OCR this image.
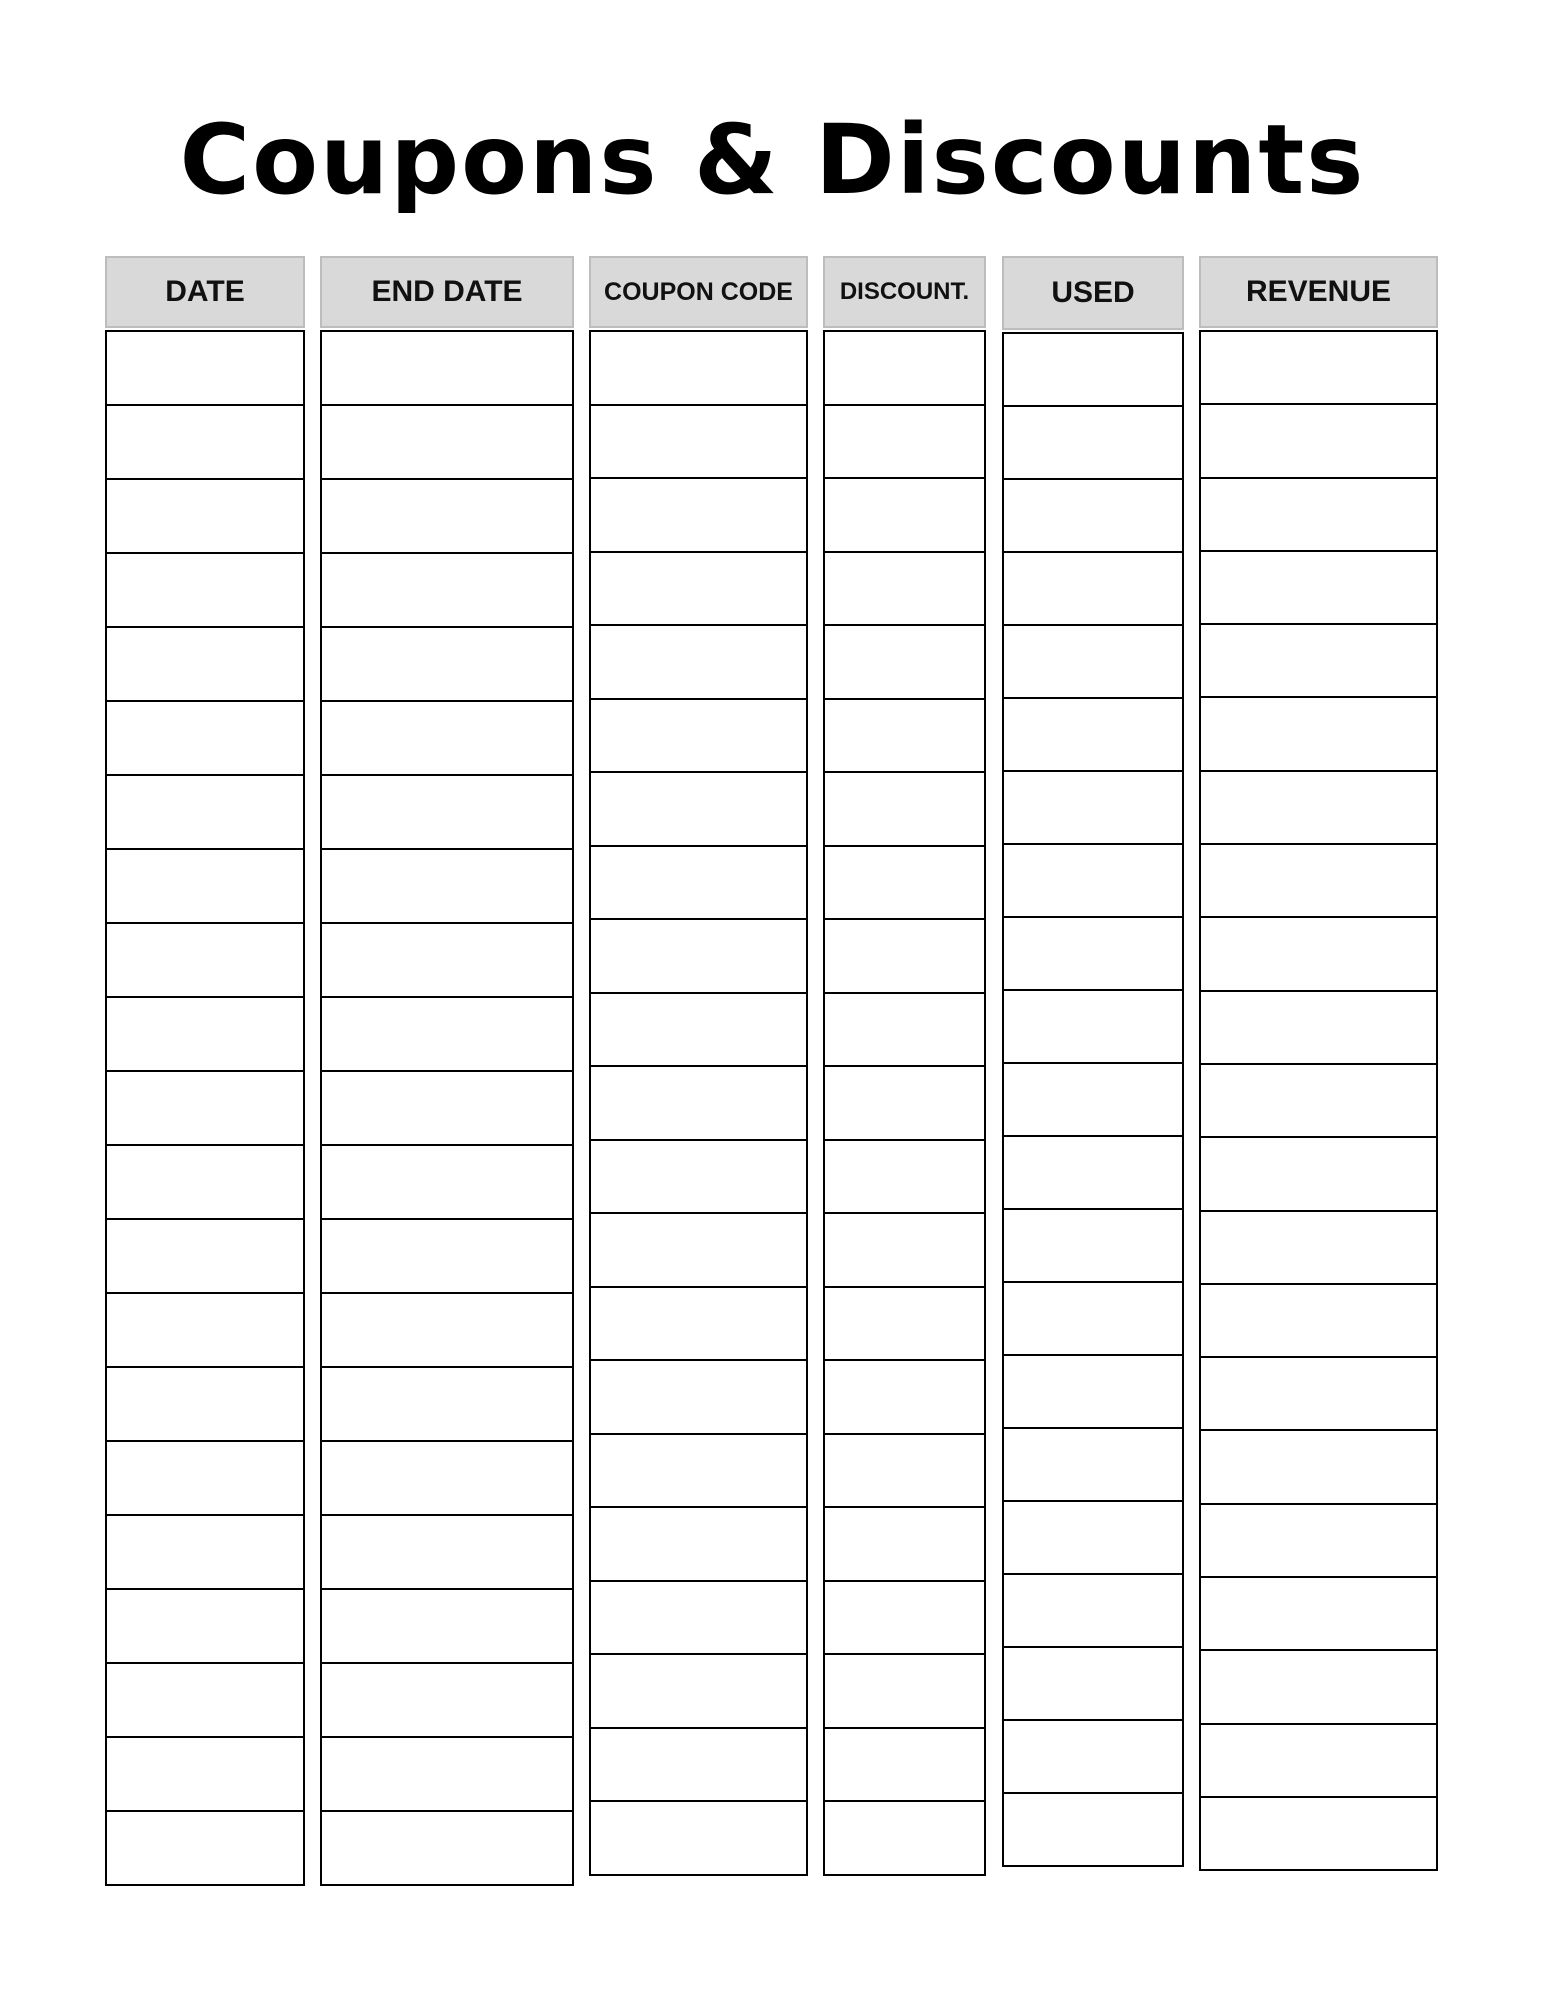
Coupons & Discounts
DATE	END DATE	COUPON CODE	DISCOUNT.	USED	REVENUE
